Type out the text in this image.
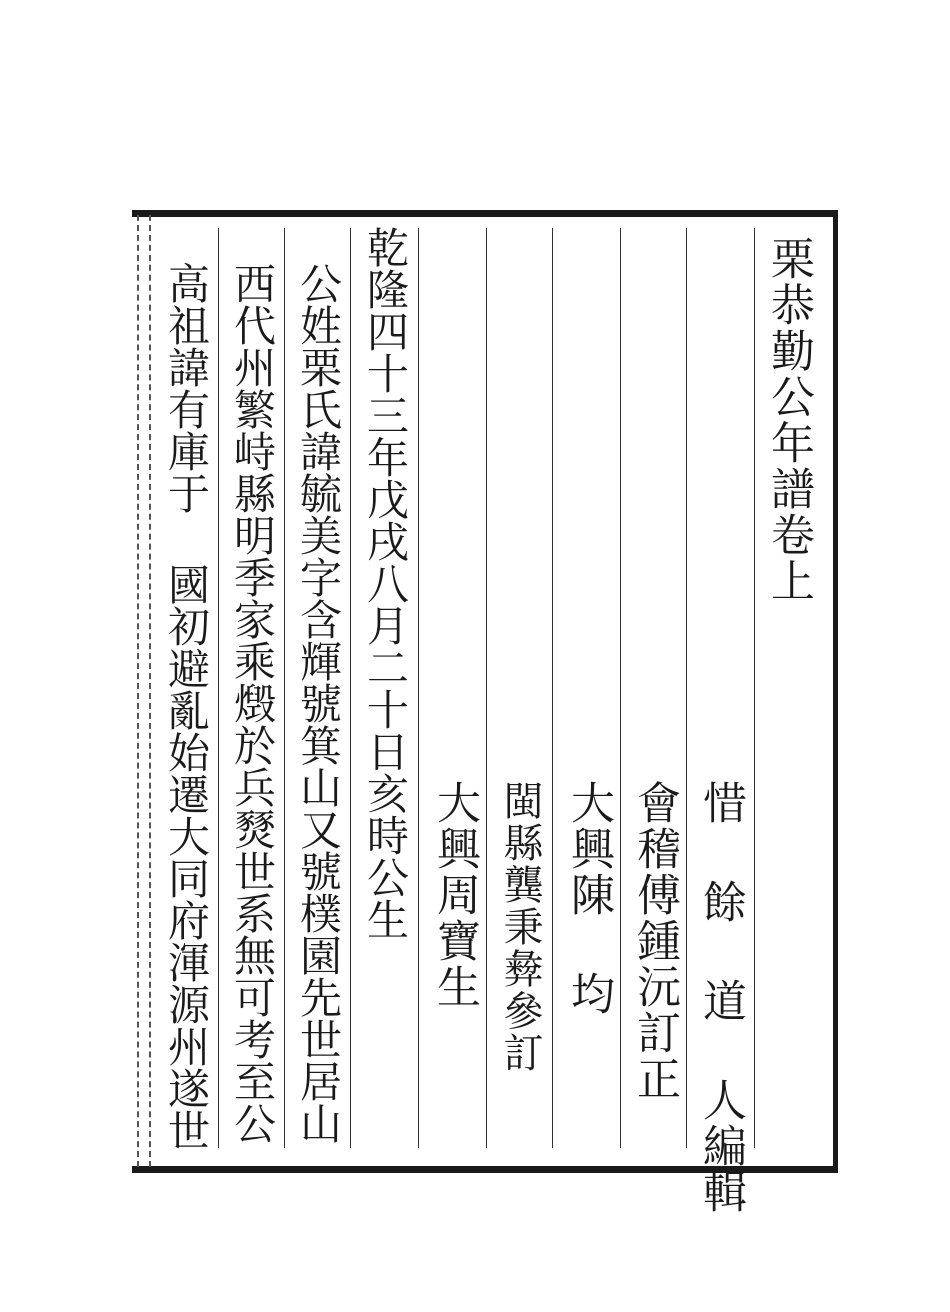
栗恭勤公年譜卷上
惜 餘 道 人編輯
會稽傅鍾沅訂正
大興陳 均
閩縣龔秉彜參訂
大興周寶生
乾隆四十三年戊戌八月二十日亥時公生
公姓栗氏諱毓美字含輝號箕山又號樸園先世居山
西代州繁峙縣明季家乘燬於兵燹世系無可考至公
高祖諱有庫于 國初避亂始遷大同府渾源州遂世
